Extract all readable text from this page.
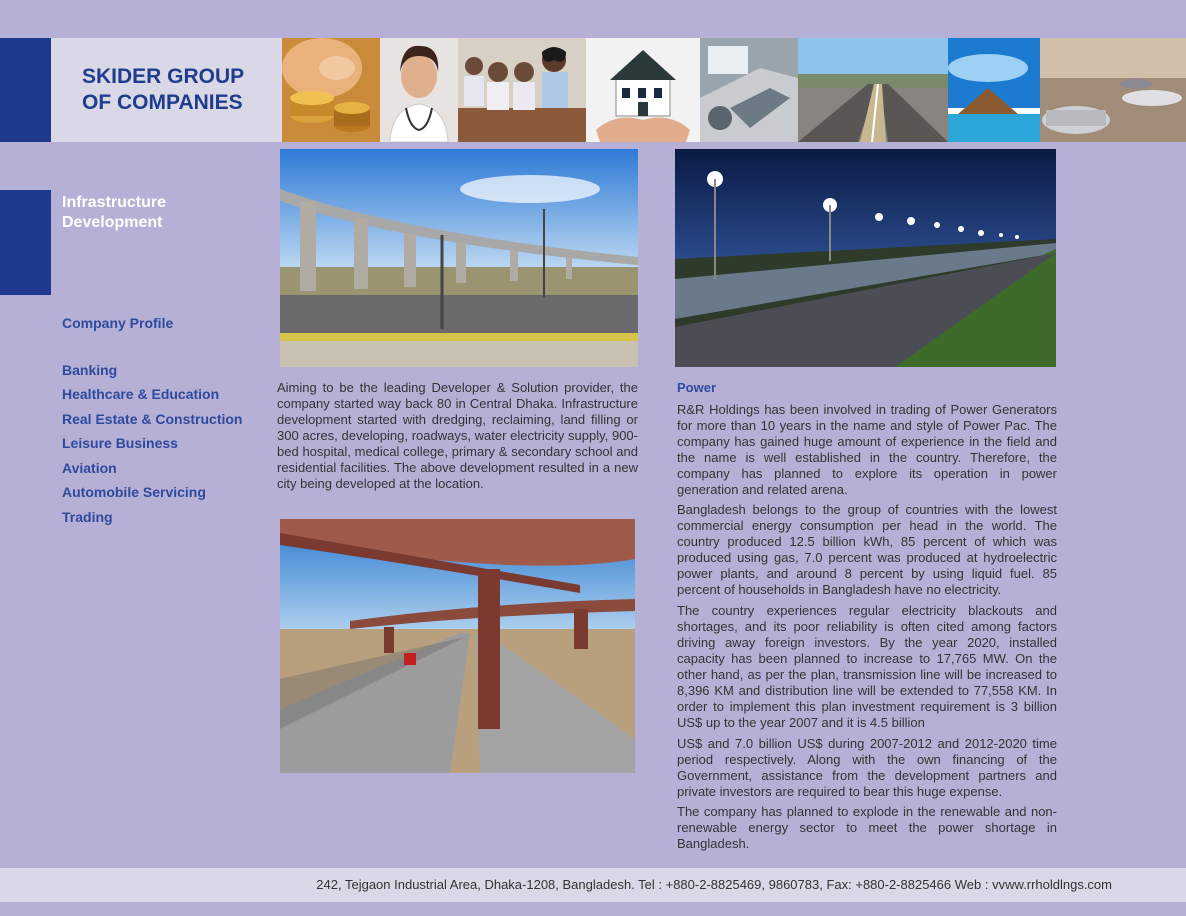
SKIDER GROUP
OF COMPANIES
Infrastructure Development
Company Profile
Banking
Healthcare & Education
Real Estate & Construction
Leisure Business
Aviation
Automobile Servicing
Trading

Aiming to be the leading Developer & Solution provider, the company started way back 80 in Central Dhaka. Infrastructure development started with dredging, reclaiming, land filling or 300 acres, developing, roadways, water electricity supply, 900-bed hospital, medical college, primary & secondary school and residential facilities. The above development resulted in a new city being developed at the location.

Power

R&R Holdings has been involved in trading of Power Generators for more than 10 years in the name and style of Power Pac. The company has gained huge amount of experience in the field and the name is well established in the country. Therefore, the company has planned to explore its operation in power generation and related arena.

Bangladesh belongs to the group of countries with the lowest commercial energy consumption per head in the world. The country produced 12.5 billion kWh, 85 percent of which was produced using gas, 7.0 percent was produced at hydroelectric power plants, and around 8 percent by using liquid fuel. 85 percent of households in Bangladesh have no electricity.

The country experiences regular electricity blackouts and shortages, and its poor reliability is often cited among factors driving away foreign investors. By the year 2020, installed capacity has been planned to increase to 17,765 MW. On the other hand, as per the plan, transmission line will be increased to 8,396 KM and distribution line will be extended to 77,558 KM. In order to implement this plan investment requirement is 3 billion US$ up to the year 2007 and it is 4.5 billion

US$ and 7.0 billion US$ during 2007-2012 and 2012-2020 time period respectively. Along with the own financing of the Government, assistance from the development partners and private investors are required to bear this huge expense.

The company has planned to explode in the renewable and non-renewable energy sector to meet the power shortage in Bangladesh.

242, Tejgaon Industrial Area, Dhaka-1208, Bangladesh. Tel : +880-2-8825469, 9860783, Fax: +880-2-8825466 Web : vvww.rrholdlngs.com
